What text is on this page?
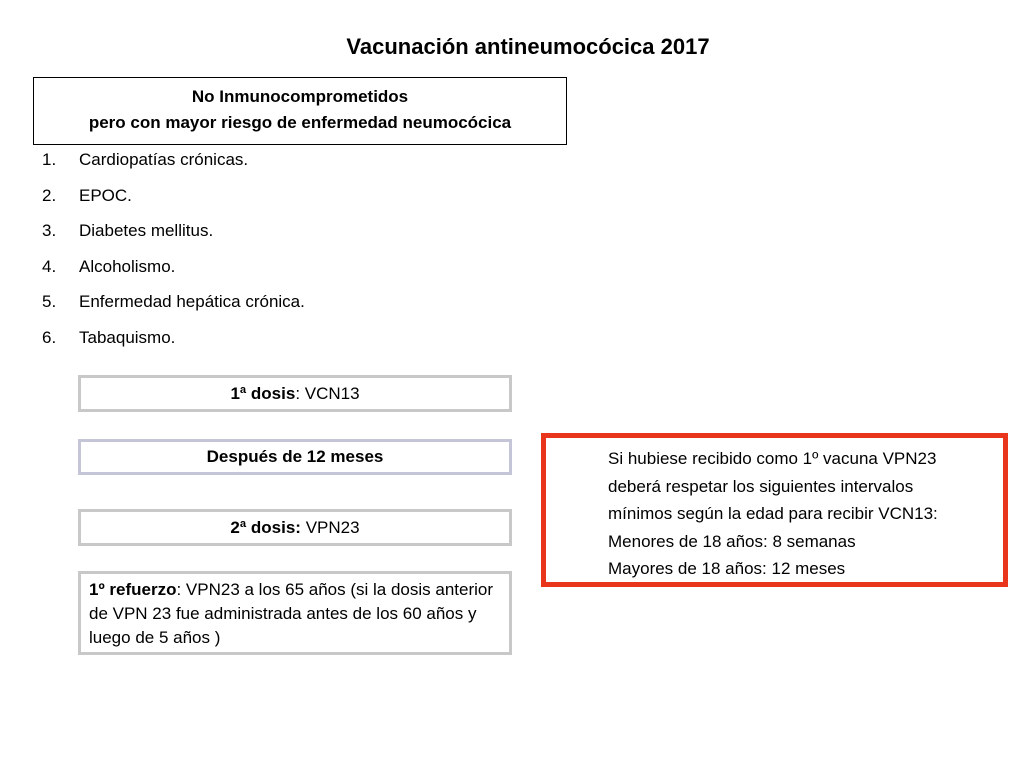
Vacunación antineumocócica 2017
No Inmunocomprometidos
pero con mayor riesgo de enfermedad neumocócica
1.	Cardiopatías crónicas.
2.	EPOC.
3.	Diabetes mellitus.
4.	Alcoholismo.
5.	Enfermedad hepática crónica.
6.	Tabaquismo.
1ª dosis: VCN13
Después de 12 meses
2ª dosis: VPN23
1º refuerzo: VPN23 a los 65 años (si la dosis anterior de VPN 23 fue administrada antes de los 60 años y luego de 5 años )
Si hubiese recibido como 1º vacuna VPN23
deberá respetar los siguientes intervalos
mínimos según la edad para recibir VCN13:
Menores de 18 años: 8 semanas
Mayores de 18 años: 12 meses
